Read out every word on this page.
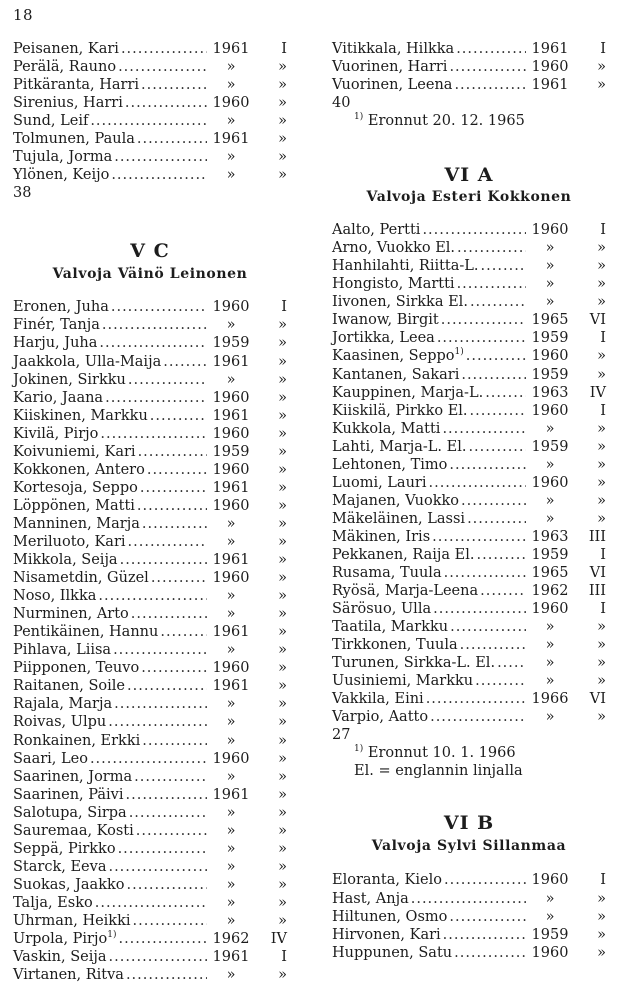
18
Peisanen, Kari .....	1961	I
Perälä, Rauno .....	»	»
Pitkäranta, Harri .....	»	»
Sirenius, Harri .....	1960	»
Sund, Leif .....	»	»
Tolmunen, Paula .....	1961	»
Tujula, Jorma .....	»	»
Ylönen, Keijo .....	»	»
38
V C
Valvoja Väinö Leinonen
Eronen, Juha .....	1960	I
Finér, Tanja .....	»	»
Harju, Juha .....	1959	»
Jaakkola, Ulla-Maija .....	1961	»
Jokinen, Sirkku .....	»	»
Kario, Jaana .....	1960	»
Kiiskinen, Markku .....	1961	»
Kivilä, Pirjo .....	1960	»
Koivuniemi, Kari .....	1959	»
Kokkonen, Antero .....	1960	»
Kortesoja, Seppo .....	1961	»
Löppönen, Matti .....	1960	»
Manninen, Marja .....	»	»
Meriluoto, Kari .....	»	»
Mikkola, Seija .....	1961	»
Nisametdin, Güzel .....	1960	»
Noso, Ilkka .....	»	»
Nurminen, Arto .....	»	»
Pentikäinen, Hannu .....	1961	»
Pihlava, Liisa .....	»	»
Piipponen, Teuvo .....	1960	»
Raitanen, Soile .....	1961	»
Rajala, Marja .....	»	»
Roivas, Ulpu .....	»	»
Ronkainen, Erkki .....	»	»
Saari, Leo .....	1960	»
Saarinen, Jorma .....	»	»
Saarinen, Päivi .....	1961	»
Salotupa, Sirpa .....	»	»
Sauremaa, Kosti .....	»	»
Seppä, Pirkko .....	»	»
Starck, Eeva .....	»	»
Suokas, Jaakko .....	»	»
Talja, Esko .....	»	»
Uhrman, Heikki .....	»	»
Urpola, Pirjo$^{1)}$ .....	1962	IV
Vaskin, Seija .....	1961	I
Virtanen, Ritva .....	»	»
Vitikkala, Hilkka .....	1961	I
Vuorinen, Harri .....	1960	»
Vuorinen, Leena .....	1961	»
40
$^{1)}$ Eronnut 20. 12. 1965
VI A
Valvoja Esteri Kokkonen
Aalto, Pertti .....	1960	I
Arno, Vuokko El. .....	»	»
Hanhilahti, Riitta-L. .....	»	»
Hongisto, Martti .....	»	»
Iivonen, Sirkka El. .....	»	»
Iwanow, Birgit .....	1965	VI
Jortikka, Leea .....	1959	I
Kaasinen, Seppo$^{1)}$ .....	1960	»
Kantanen, Sakari .....	1959	»
Kauppinen, Marja-L. .....	1963	IV
Kiiskilä, Pirkko El. .....	1960	I
Kukkola, Matti .....	»	»
Lahti, Marja-L. El. .....	1959	»
Lehtonen, Timo .....	»	»
Luomi, Lauri .....	1960	»
Majanen, Vuokko .....	»	»
Mäkeläinen, Lassi .....	»	»
Mäkinen, Iris .....	1963	III
Pekkanen, Raija El. .....	1959	I
Rusama, Tuula .....	1965	VI
Ryösä, Marja-Leena .....	1962	III
Särösuo, Ulla .....	1960	I
Taatila, Markku .....	»	»
Tirkkonen, Tuula .....	»	»
Turunen, Sirkka-L. El. .....	»	»
Uusiniemi, Markku .....	»	»
Vakkila, Eini .....	1966	VI
Varpio, Aatto .....	»	»
27
$^{1)}$ Eronnut 10. 1. 1966
El. = englannin linjalla
VI B
Valvoja Sylvi Sillanmaa
Eloranta, Kielo .....	1960	I
Hast, Anja .....	»	»
Hiltunen, Osmo .....	»	»
Hirvonen, Kari .....	1959	»
Huppunen, Satu .....	1960	»
